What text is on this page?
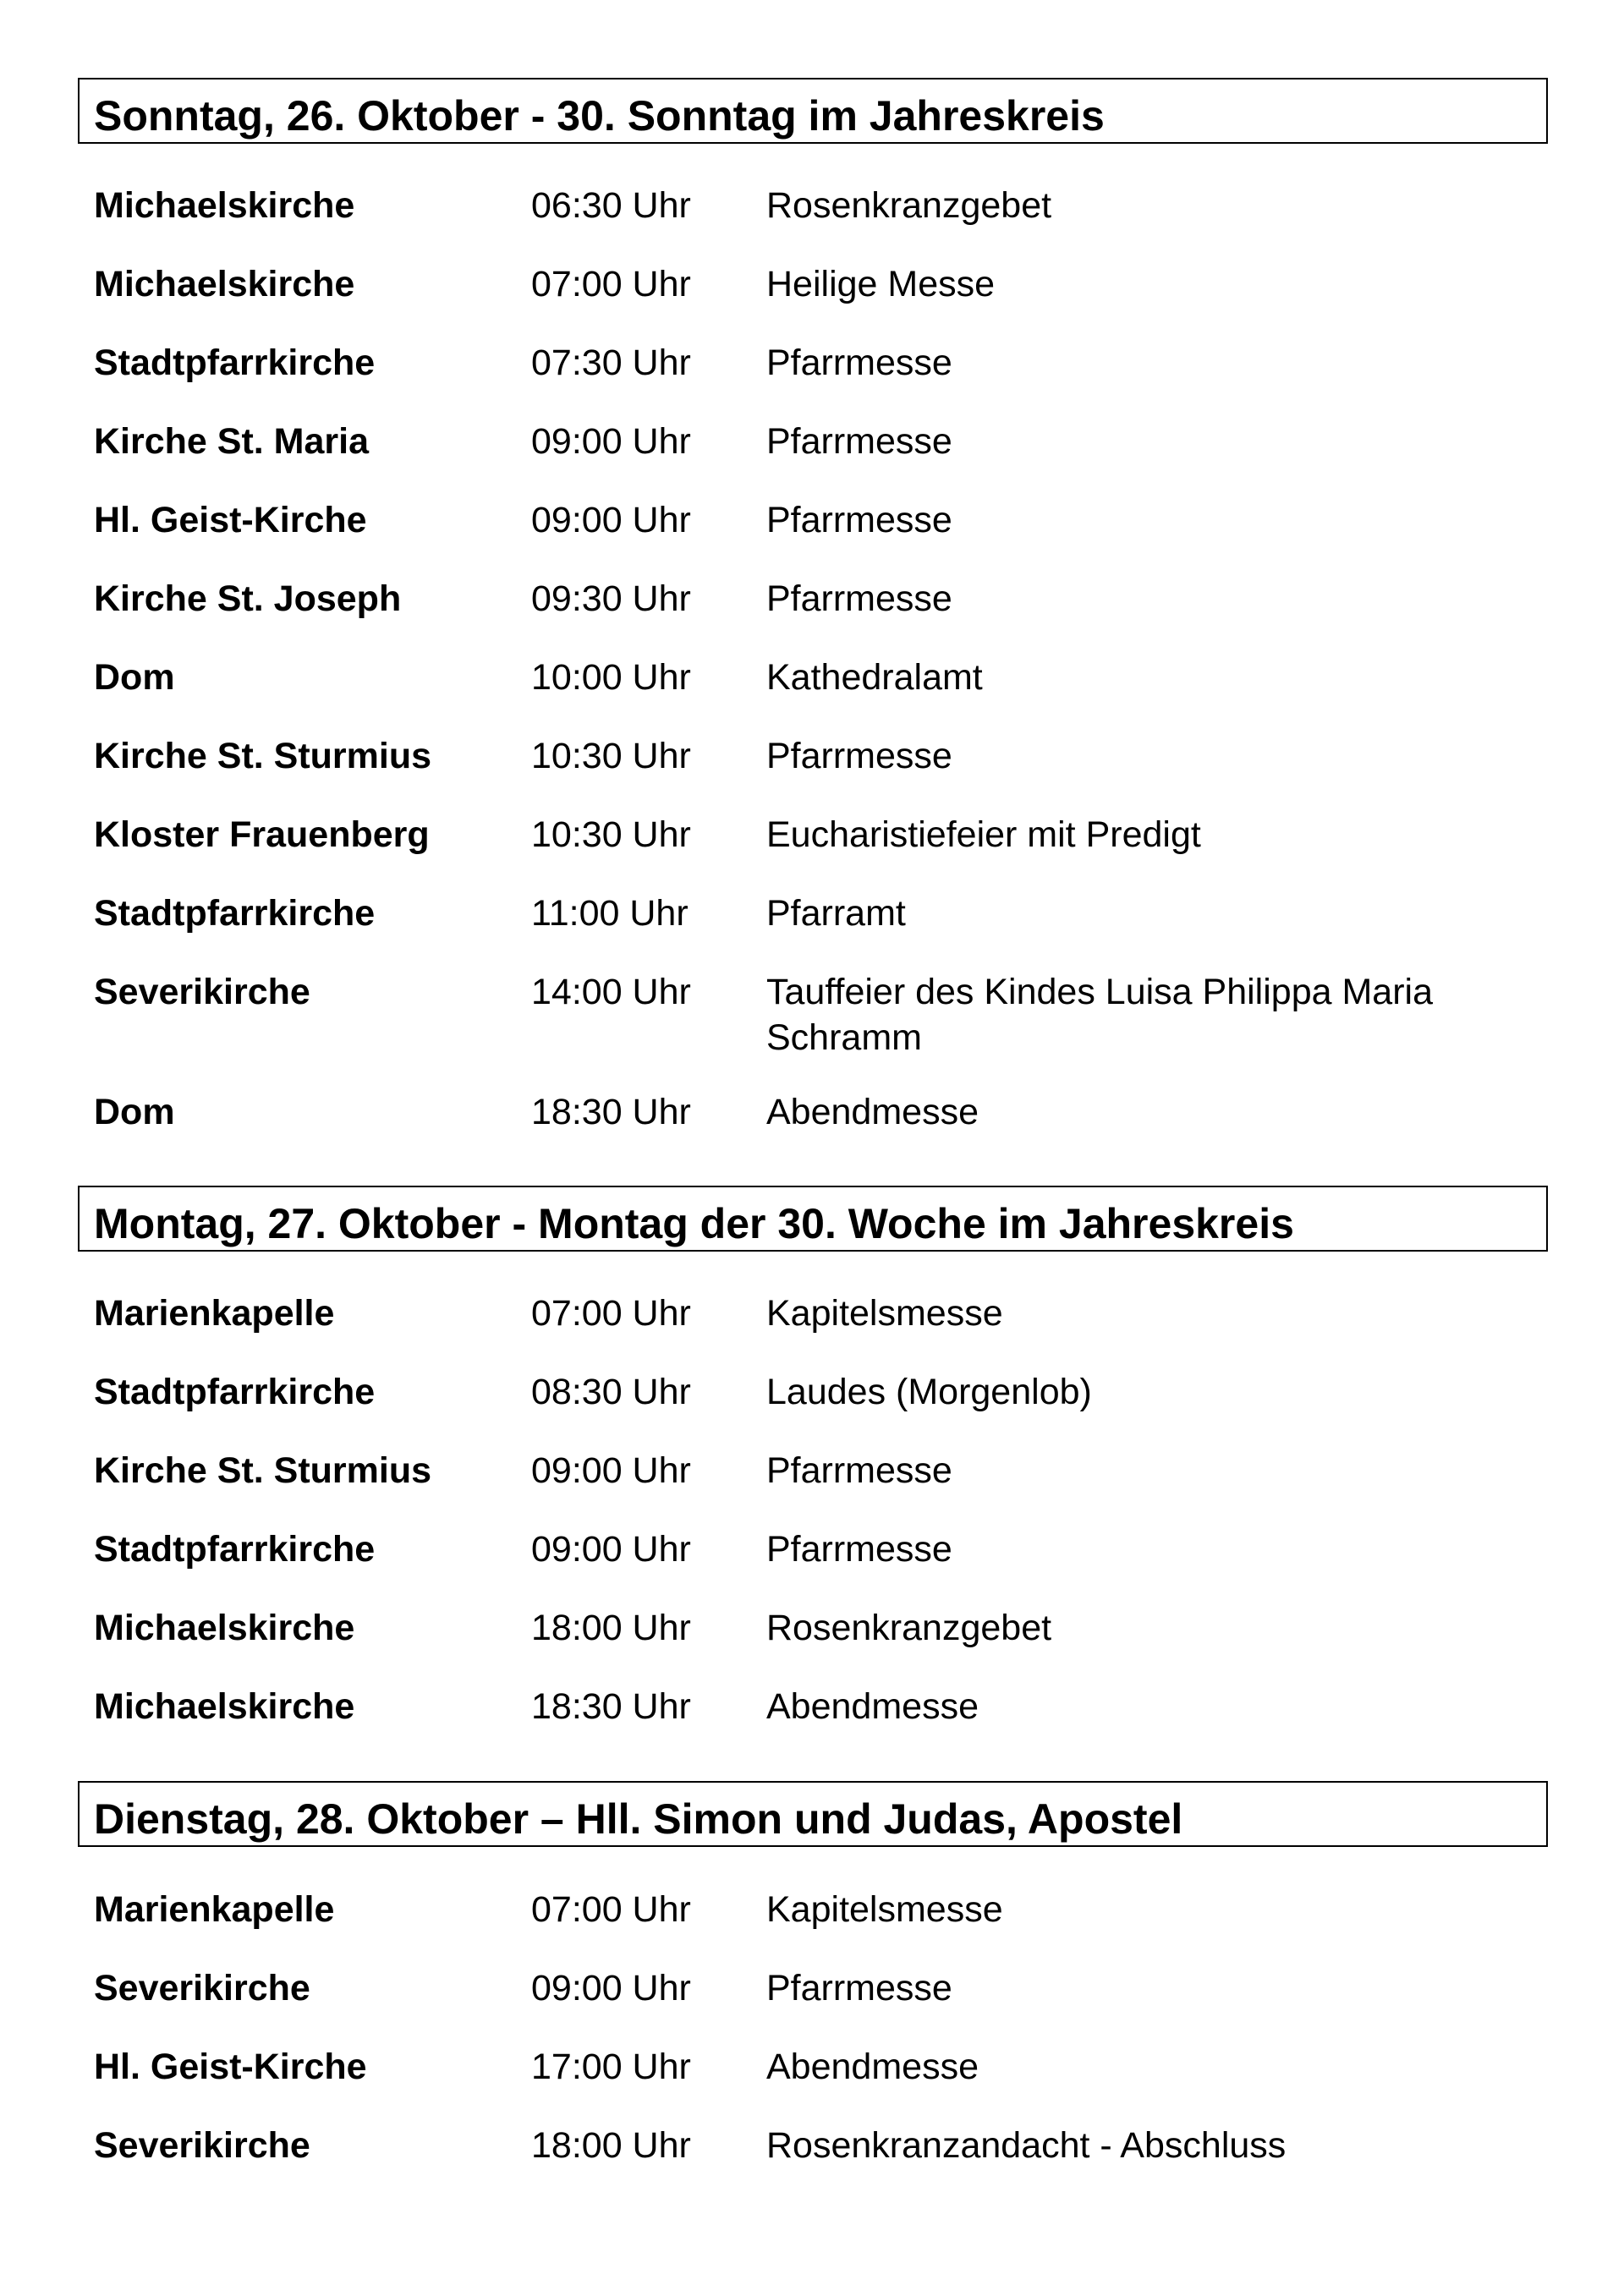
Sonntag, 26. Oktober - 30. Sonntag im Jahreskreis
Michaelskirche	06:30 Uhr Rosenkranzgebet
Michaelskirche	07:00 Uhr Heilige Messe
Stadtpfarrkirche	07:30 Uhr Pfarrmesse
Kirche St. Maria	09:00 Uhr Pfarrmesse
Hl. Geist-Kirche	09:00 Uhr Pfarrmesse
Kirche St. Joseph	09:30 Uhr Pfarrmesse
Dom	10:00 Uhr Kathedralamt
Kirche St. Sturmius	10:30 Uhr Pfarrmesse
Kloster Frauenberg	10:30 Uhr Eucharistiefeier mit Predigt
Stadtpfarrkirche	11:00 Uhr Pfarramt
Severikirche	14:00 Uhr Tauffeier des Kindes Luisa Philippa Maria Schramm
Dom	18:30 Uhr Abendmesse
Montag, 27. Oktober - Montag der 30. Woche im Jahreskreis
Marienkapelle	07:00 Uhr Kapitelsmesse
Stadtpfarrkirche	08:30 Uhr Laudes (Morgenlob)
Kirche St. Sturmius	09:00 Uhr Pfarrmesse
Stadtpfarrkirche	09:00 Uhr Pfarrmesse
Michaelskirche	18:00 Uhr Rosenkranzgebet
Michaelskirche	18:30 Uhr Abendmesse
Dienstag, 28. Oktober – Hll. Simon und Judas, Apostel
Marienkapelle	07:00 Uhr Kapitelsmesse
Severikirche	09:00 Uhr Pfarrmesse
Hl. Geist-Kirche	17:00 Uhr Abendmesse
Severikirche	18:00 Uhr Rosenkranzandacht - Abschluss
